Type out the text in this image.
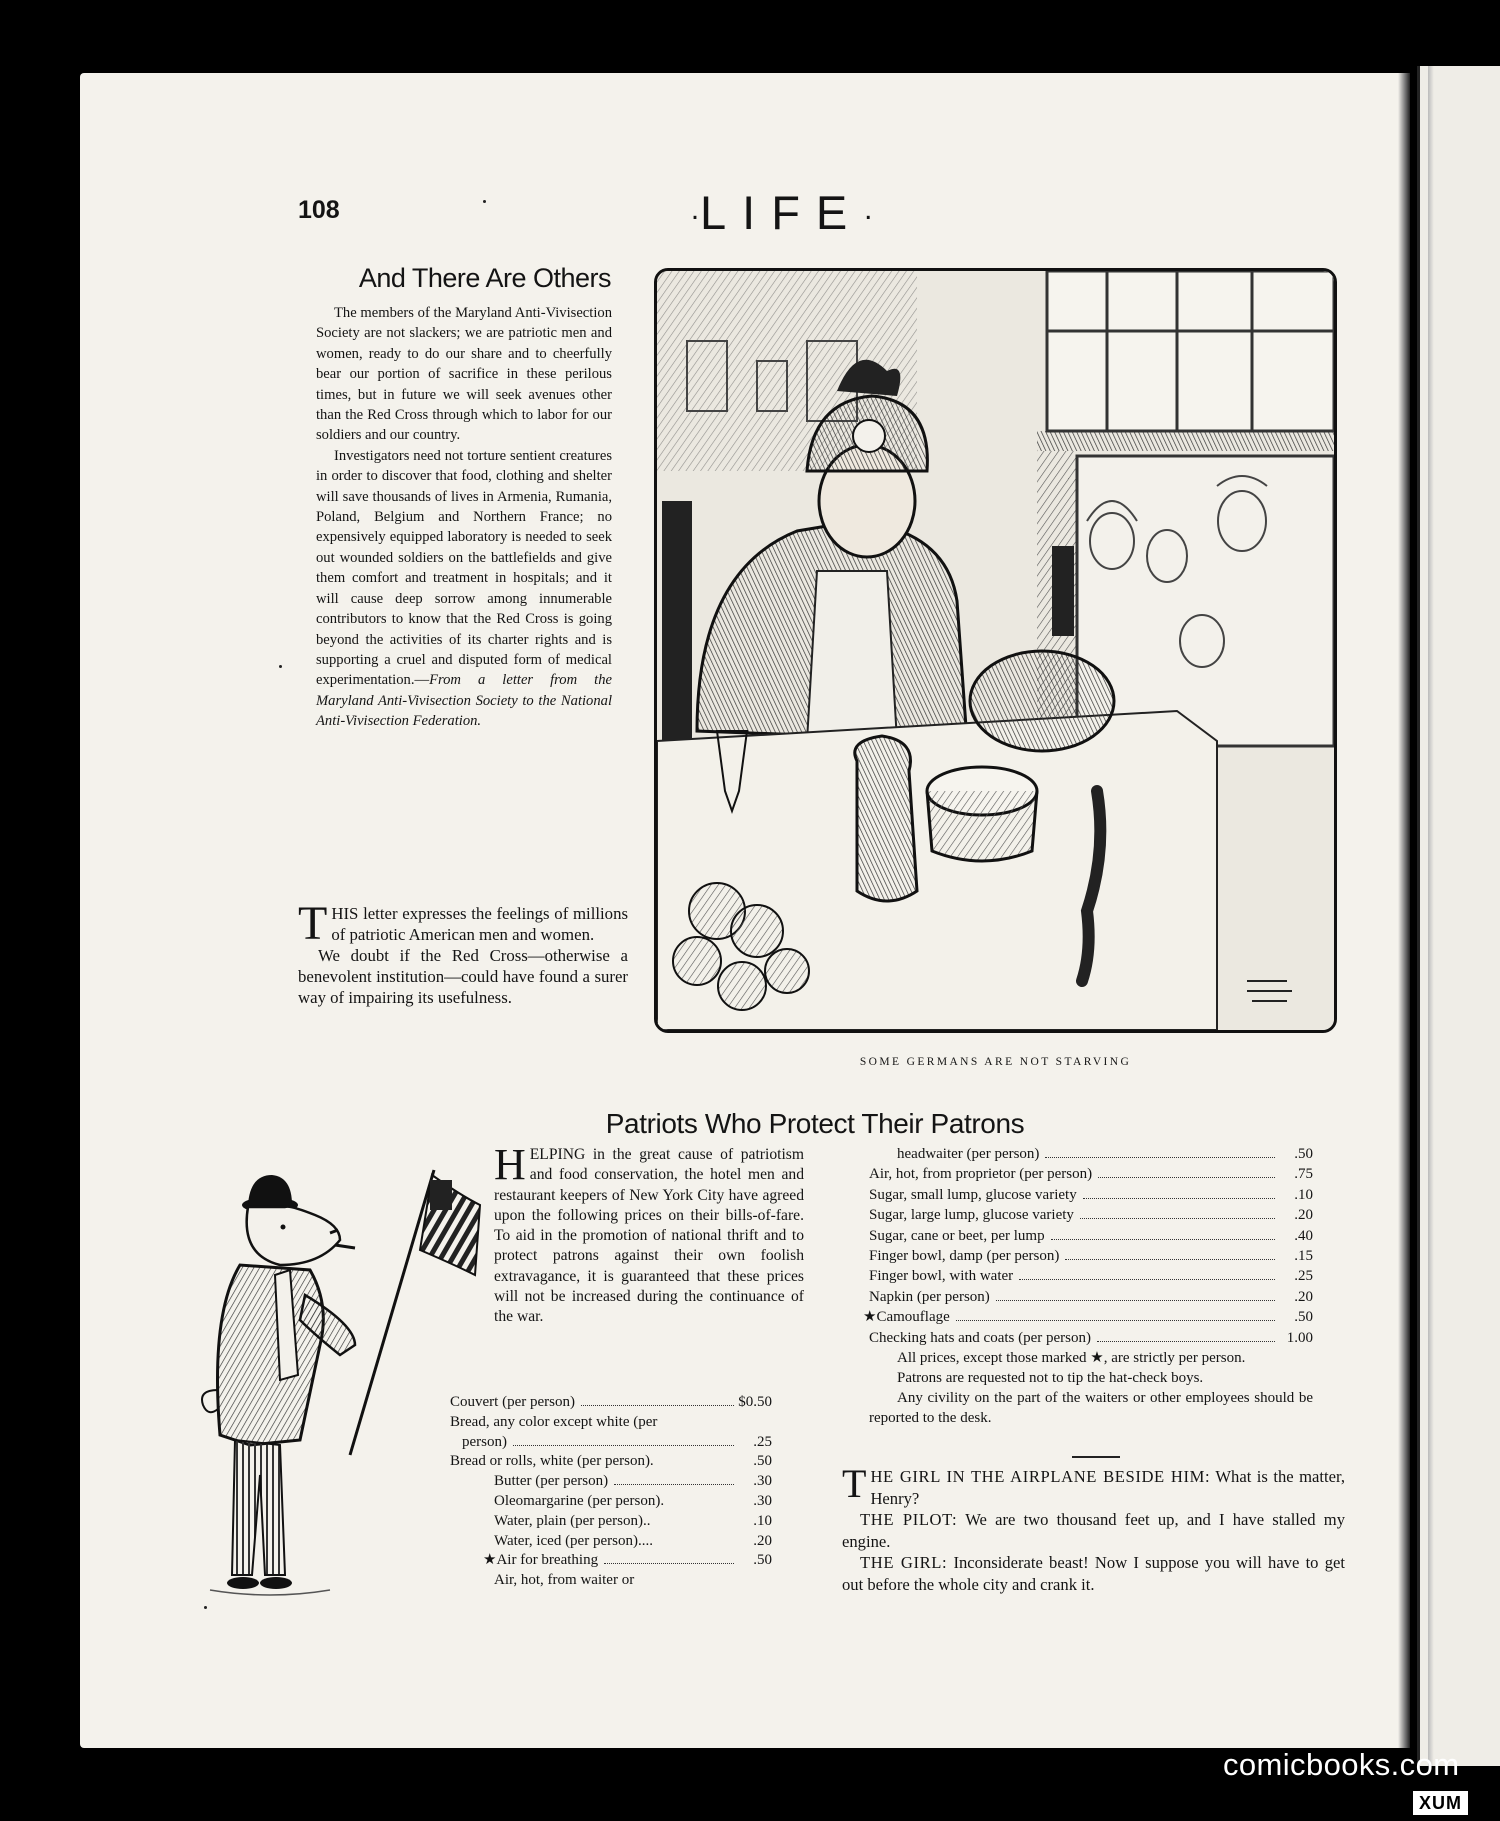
108	·LIFE·
And There Are Others

The members of the Maryland Anti-Vivisection Society are not slackers; we are patriotic men and women, ready to do our share and to cheerfully bear our portion of sacrifice in these perilous times, but in future we will seek avenues other than the Red Cross through which to labor for our soldiers and our country.

Investigators need not torture sentient creatures in order to discover that food, clothing and shelter will save thousands of lives in Armenia, Rumania, Poland, Belgium and Northern France; no expensively equipped laboratory is needed to seek out wounded soldiers on the battlefields and give them comfort and treatment in hospitals; and it will cause deep sorrow among innumerable contributors to know that the Red Cross is going beyond the activities of its charter rights and is supporting a cruel and disputed form of medical experimentation.—From a letter from the Maryland Anti-Vivisection Society to the National Anti-Vivisection Federation.

THIS letter expresses the feelings of millions of patriotic American men and women.

We doubt if the Red Cross—otherwise a benevolent institution—could have found a surer way of impairing its usefulness.

SOME GERMANS ARE NOT STARVING
Patriots Who Protect Their Patrons

HELPING in the great cause of patriotism and food conservation, the hotel men and restaurant keepers of New York City have agreed upon the following prices on their bills-of-fare. To aid in the promotion of national thrift and to protect patrons against their own foolish extravagance, it is guaranteed that these prices will not be increased during the continuance of the war.

Couvert (per person)	$0.50
Bread, any color except white (per
person)	.25
Bread or rolls, white (per person).	.50
Butter (per person)	.30
Oleomargarine (per person).	.30
Water, plain (per person)..	.10
Water, iced (per person)....	.20
★Air for breathing	.50
Air, hot, from waiter or
headwaiter (per person)	.50
Air, hot, from proprietor (per person)	.75
Sugar, small lump, glucose variety	.10
Sugar, large lump, glucose variety	.20
Sugar, cane or beet, per lump	.40
Finger bowl, damp (per person)	.15
Finger bowl, with water	.25
Napkin (per person)	.20
★Camouflage	.50
Checking hats and coats (per person)	1.00

All prices, except those marked ★, are strictly per person.

Patrons are requested not to tip the hat-check boys.

Any civility on the part of the waiters or other employees should be reported to the desk.

THE GIRL IN THE AIRPLANE BESIDE HIM: What is the matter, Henry?

THE PILOT: We are two thousand feet up, and I have stalled my engine.

THE GIRL: Inconsiderate beast! Now I suppose you will have to get out before the whole city and crank it.

comicbooks.com
XUM
